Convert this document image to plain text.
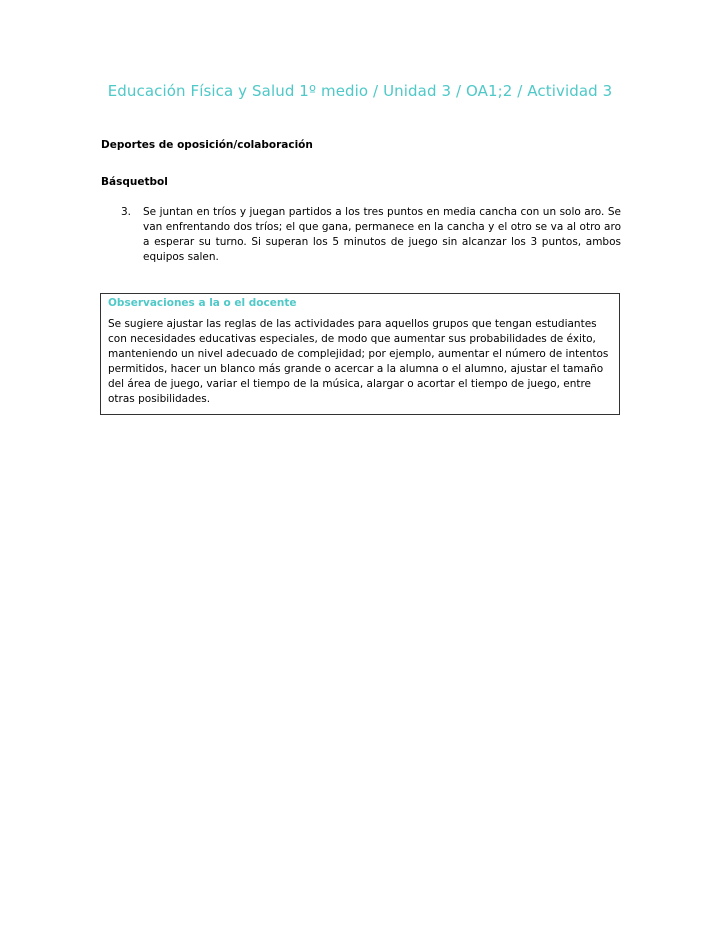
Educación Física y Salud 1º medio / Unidad 3 / OA1;2 / Actividad 3
Deportes de oposición/colaboración
Básquetbol
3.	Se juntan en tríos y juegan partidos a los tres puntos en media cancha con un solo aro. Se van enfrentando dos tríos; el que gana, permanece en la cancha y el otro se va al otro aro a esperar su turno. Si superan los 5 minutos de juego sin alcanzar los 3 puntos, ambos equipos salen.
Observaciones a la o el docente
Se sugiere ajustar las reglas de las actividades para aquellos grupos que tengan estudiantes con necesidades educativas especiales, de modo que aumentar sus probabilidades de éxito, manteniendo un nivel adecuado de complejidad; por ejemplo, aumentar el número de intentos permitidos, hacer un blanco más grande o acercar a la alumna o el alumno, ajustar el tamaño del área de juego, variar el tiempo de la música, alargar o acortar el tiempo de juego, entre otras posibilidades.
